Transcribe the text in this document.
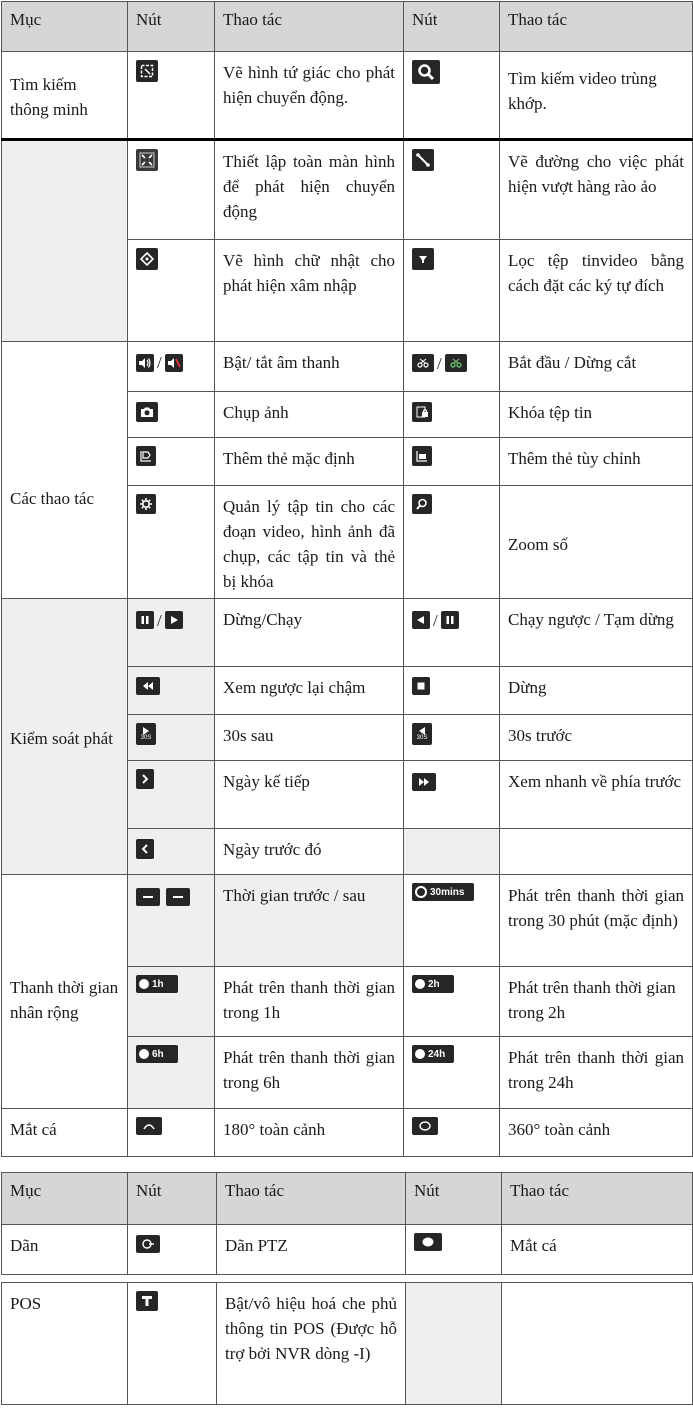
Mục	Nút	Thao tác	Nút	Thao tác
Tìm kiếm thông minh		Vẽ hình tứ giác cho phát hiện chuyển động.		Tìm kiếm video trùng khớp.

	Thiết lập toàn màn hình để phát hiện chuyển động		Vẽ đường cho việc phát hiện vượt hàng rào ảo

	Vẽ hình chữ nhật cho phát hiện xâm nhập		Lọc tệp tinvideo bằng cách đặt các ký tự đích
Các thao tác	/	Bật/ tắt âm thanh	/	Bắt đầu / Dừng cắt

	Chụp ảnh		Khóa tệp tin

	Thêm thẻ mặc định		Thêm thẻ tùy chỉnh

	Quản lý tập tin cho các đoạn video, hình ảnh đã chụp, các tập tin và thẻ bị khóa		Zoom số
Kiểm soát phát	/	Dừng/Chạy	/	Chạy ngược / Tạm dừng

	Xem ngược lại chậm		Dừng

	30S	30s sau	30S	30s trước

	Ngày kế tiếp		Xem nhanh về phía trước

	Ngày trước đó		
Thanh thời gian nhân rộng		Thời gian trước / sau	30mins	Phát trên thanh thời gian trong 30 phút (mặc định)

	1h	Phát trên thanh thời gian trong 1h	2h	Phát trên thanh thời gian trong 2h

	6h	Phát trên thanh thời gian trong 6h	24h	Phát trên thanh thời gian trong 24h
Mắt cá		180° toàn cảnh		360° toàn cảnh
Mục	Nút	Thao tác	Nút	Thao tác
Dãn		Dãn PTZ		Mắt cá

POS		Bật/vô hiệu hoá che phủ thông tin POS (Được hỗ trợ bởi NVR dòng -I)		
